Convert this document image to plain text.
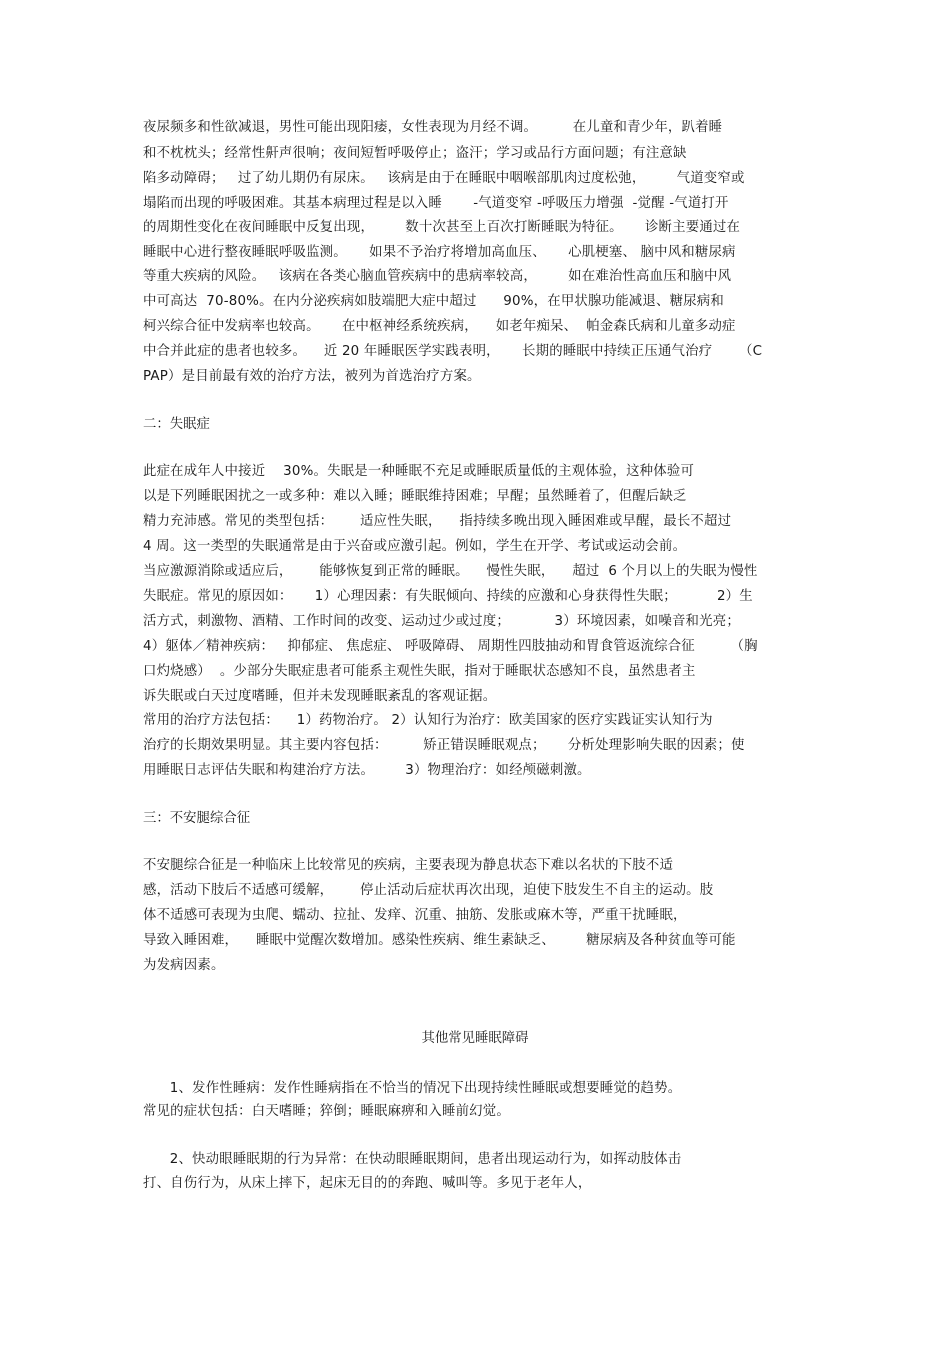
夜尿频多和性欲减退，男性可能出现阳痿，女性表现为月经不调。        在儿童和青少年，趴着睡
和不枕枕头；经常性鼾声很响；夜间短暂呼吸停止；盗汗；学习或品行方面问题；有注意缺
陷多动障碍；   过了幼儿期仍有尿床。   该病是由于在睡眠中咽喉部肌肉过度松弛，       气道变窄或
塌陷而出现的呼吸困难。其基本病理过程是以入睡       -气道变窄 -呼吸压力增强  -觉醒 -气道打开
的周期性变化在夜间睡眠中反复出现，       数十次甚至上百次打断睡眠为特征。     诊断主要通过在
睡眠中心进行整夜睡眠呼吸监测。     如果不予治疗将增加高血压、     心肌梗塞、 脑中风和糖尿病
等重大疾病的风险。   该病在各类心脑血管疾病中的患病率较高，       如在难治性高血压和脑中风
中可高达  70-80%。在内分泌疾病如肢端肥大症中超过      90%，在甲状腺功能减退、糖尿病和
柯兴综合征中发病率也较高。     在中枢神经系统疾病，    如老年痴呆、  帕金森氏病和儿童多动症
中合并此症的患者也较多。    近 20 年睡眠医学实践表明，     长期的睡眠中持续正压通气治疗      （C
PAP）是目前最有效的治疗方法，被列为首选治疗方案。
二：失眠症
此症在成年人中接近    30%。失眠是一种睡眠不充足或睡眠质量低的主观体验，这种体验可
以是下列睡眠困扰之一或多种：难以入睡；睡眠维持困难；早醒；虽然睡着了，但醒后缺乏
精力充沛感。常见的类型包括：      适应性失眠，    指持续多晚出现入睡困难或早醒，最长不超过
4 周。这一类型的失眠通常是由于兴奋或应激引起。例如，学生在开学、考试或运动会前。
当应激源消除或适应后，      能够恢复到正常的睡眠。    慢性失眠，    超过  6 个月以上的失眠为慢性
失眠症。常见的原因如：     1）心理因素：有失眠倾向、持续的应激和心身获得性失眠；         2）生
活方式，刺激物、酒精、工作时间的改变、运动过少或过度；          3）环境因素，如噪音和光亮；
4）躯体／精神疾病：   抑郁症、 焦虑症、 呼吸障碍、 周期性四肢抽动和胃食管返流综合征        （胸
口灼烧感）  。少部分失眠症患者可能系主观性失眠，指对于睡眠状态感知不良，虽然患者主
诉失眠或白天过度嗜睡，但并未发现睡眠紊乱的客观证据。
常用的治疗方法包括：    1）药物治疗。 2）认知行为治疗：欧美国家的医疗实践证实认知行为
治疗的长期效果明显。其主要内容包括：        矫正错误睡眠观点；     分析处理影响失眠的因素；使
用睡眠日志评估失眠和构建治疗方法。       3）物理治疗：如经颅磁刺激。
三：不安腿综合征
不安腿综合征是一种临床上比较常见的疾病，主要表现为静息状态下难以名状的下肢不适
感，活动下肢后不适感可缓解，      停止活动后症状再次出现，迫使下肢发生不自主的运动。肢
体不适感可表现为虫爬、蠕动、拉扯、发痒、沉重、抽筋、发胀或麻木等，严重干扰睡眠，
导致入睡困难，    睡眠中觉醒次数增加。感染性疾病、维生素缺乏、       糖尿病及各种贫血等可能
为发病因素。
其他常见睡眠障碍
1、发作性睡病：发作性睡病指在不恰当的情况下出现持续性睡眠或想要睡觉的趋势。
常见的症状包括：白天嗜睡；猝倒；睡眠麻痹和入睡前幻觉。
2、快动眼睡眠期的行为异常：在快动眼睡眠期间，患者出现运动行为，如挥动肢体击
打、自伤行为，从床上摔下，起床无目的的奔跑、喊叫等。多见于老年人，
